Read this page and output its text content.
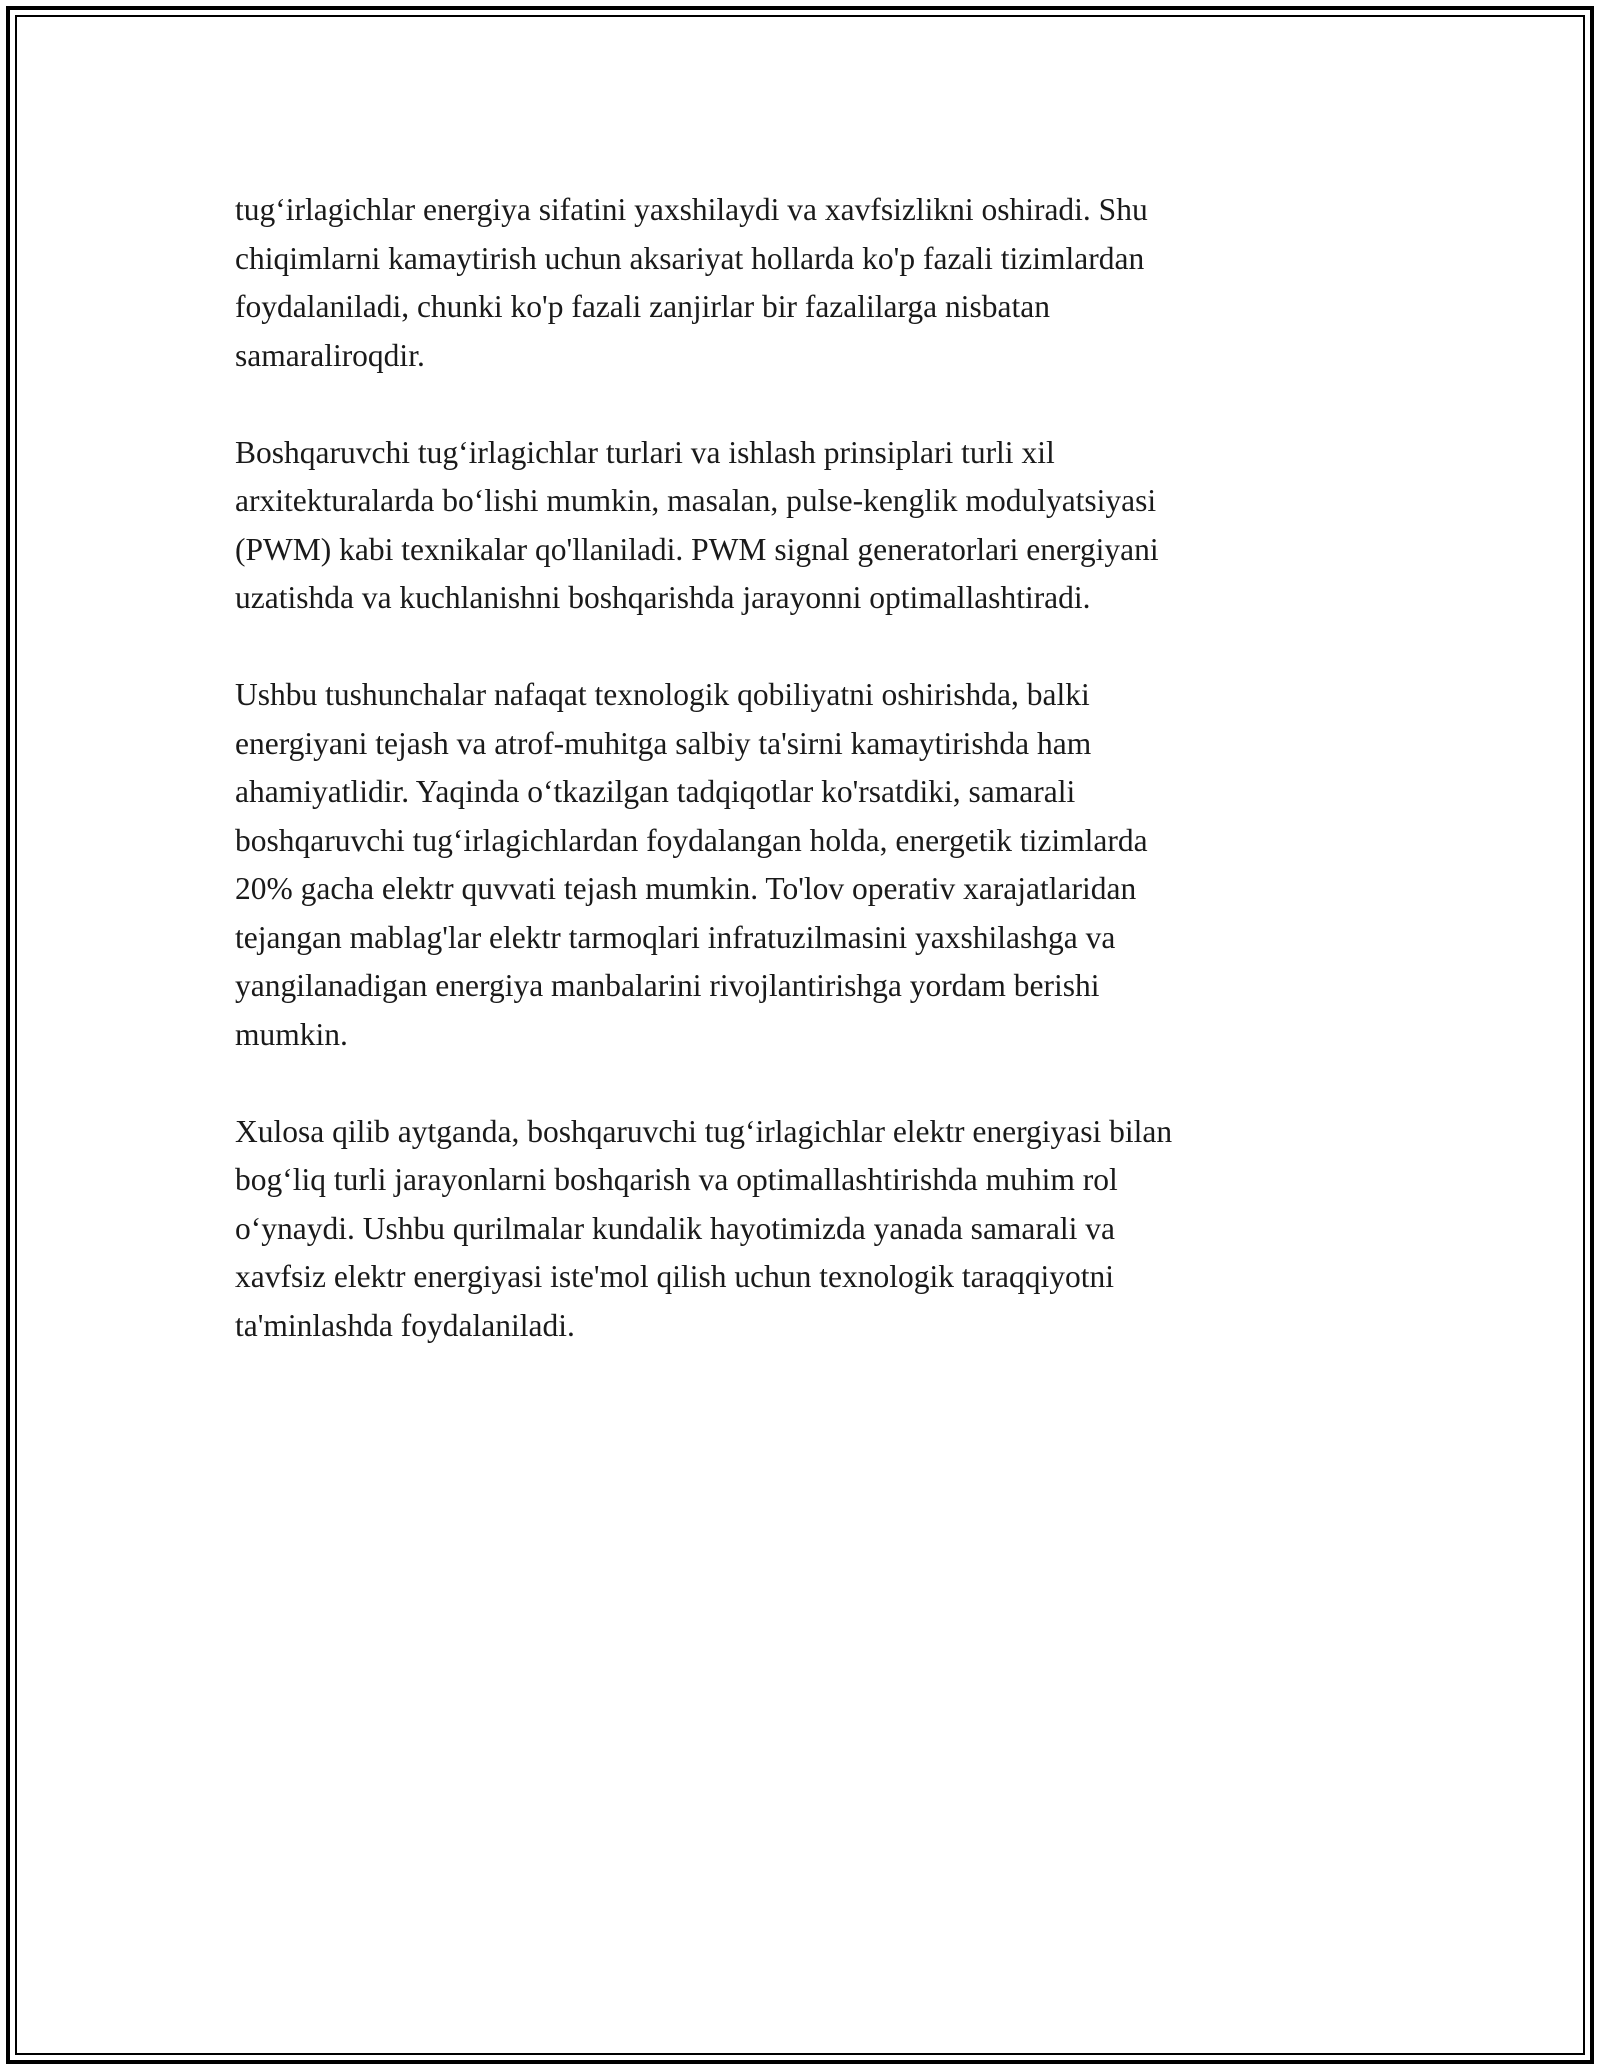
tug‘irlagichlar energiya sifatini yaxshilaydi va xavfsizlikni oshiradi. Shu
chiqimlarni kamaytirish uchun aksariyat hollarda ko'p fazali tizimlardan
foydalaniladi, chunki ko'p fazali zanjirlar bir fazalilarga nisbatan
samaraliroqdir.

Boshqaruvchi tug‘irlagichlar turlari va ishlash prinsiplari turli xil
arxitekturalarda bo‘lishi mumkin, masalan, pulse-kenglik modulyatsiyasi
(PWM) kabi texnikalar qo'llaniladi. PWM signal generatorlari energiyani
uzatishda va kuchlanishni boshqarishda jarayonni optimallashtiradi.

Ushbu tushunchalar nafaqat texnologik qobiliyatni oshirishda, balki
energiyani tejash va atrof-muhitga salbiy ta'sirni kamaytirishda ham
ahamiyatlidir. Yaqinda o‘tkazilgan tadqiqotlar ko'rsatdiki, samarali
boshqaruvchi tug‘irlagichlardan foydalangan holda, energetik tizimlarda
20% gacha elektr quvvati tejash mumkin. To'lov operativ xarajatlaridan
tejangan mablag'lar elektr tarmoqlari infratuzilmasini yaxshilashga va
yangilanadigan energiya manbalarini rivojlantirishga yordam berishi
mumkin.

Xulosa qilib aytganda, boshqaruvchi tug‘irlagichlar elektr energiyasi bilan
bog‘liq turli jarayonlarni boshqarish va optimallashtirishda muhim rol
o‘ynaydi. Ushbu qurilmalar kundalik hayotimizda yanada samarali va
xavfsiz elektr energiyasi iste'mol qilish uchun texnologik taraqqiyotni
ta'minlashda foydalaniladi.
